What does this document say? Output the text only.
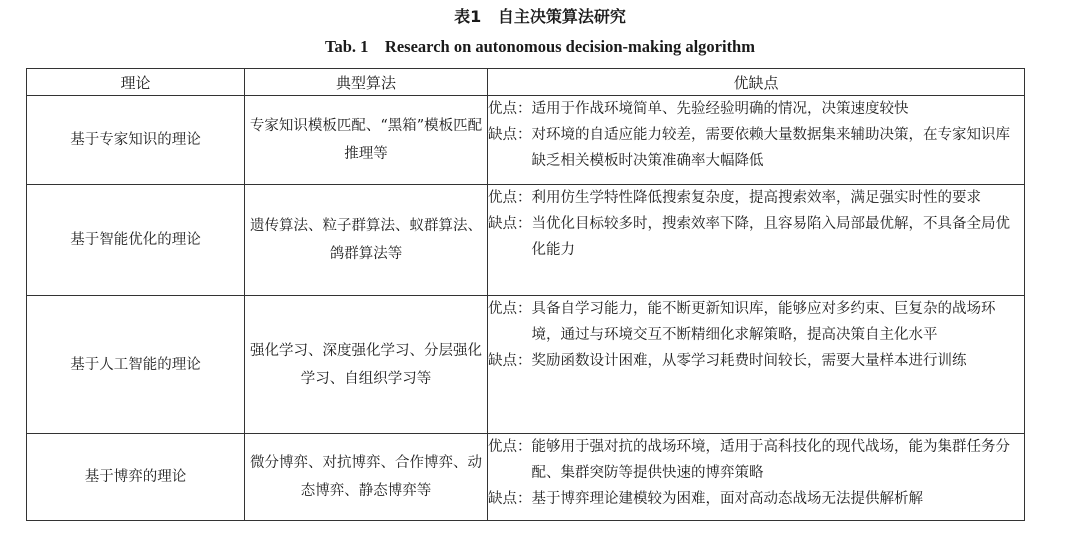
表1   自主决策算法研究
Tab. 1    Research on autonomous decision-making algorithm
理论	典型算法	优缺点
基于专家知识的理论	专家知识模板匹配、“黑箱”模板匹配推理等	优点： 适用于作战环境简单、先验经验明确的情况，决策速度较快
缺点： 对环境的自适应能力较差，需要依赖大量数据集来辅助决策，在专家知识库缺乏相关模板时决策准确率大幅降低

基于智能优化的理论	遗传算法、粒子群算法、蚁群算法、鸽群算法等	优点： 利用仿生学特性降低搜索复杂度，提高搜索效率，满足强实时性的要求
缺点： 当优化目标较多时，搜索效率下降，且容易陷入局部最优解，不具备全局优化能力

基于人工智能的理论	强化学习、深度强化学习、分层强化学习、自组织学习等	优点： 具备自学习能力，能不断更新知识库，能够应对多约束、巨复杂的战场环境，通过与环境交互不断精细化求解策略，提高决策自主化水平
缺点： 奖励函数设计困难，从零学习耗费时间较长，需要大量样本进行训练

基于博弈的理论	微分博弈、对抗博弈、合作博弈、动态博弈、静态博弈等	优点： 能够用于强对抗的战场环境，适用于高科技化的现代战场，能为集群任务分配、集群突防等提供快速的博弈策略
缺点： 基于博弈理论建模较为困难，面对高动态战场无法提供解析解
